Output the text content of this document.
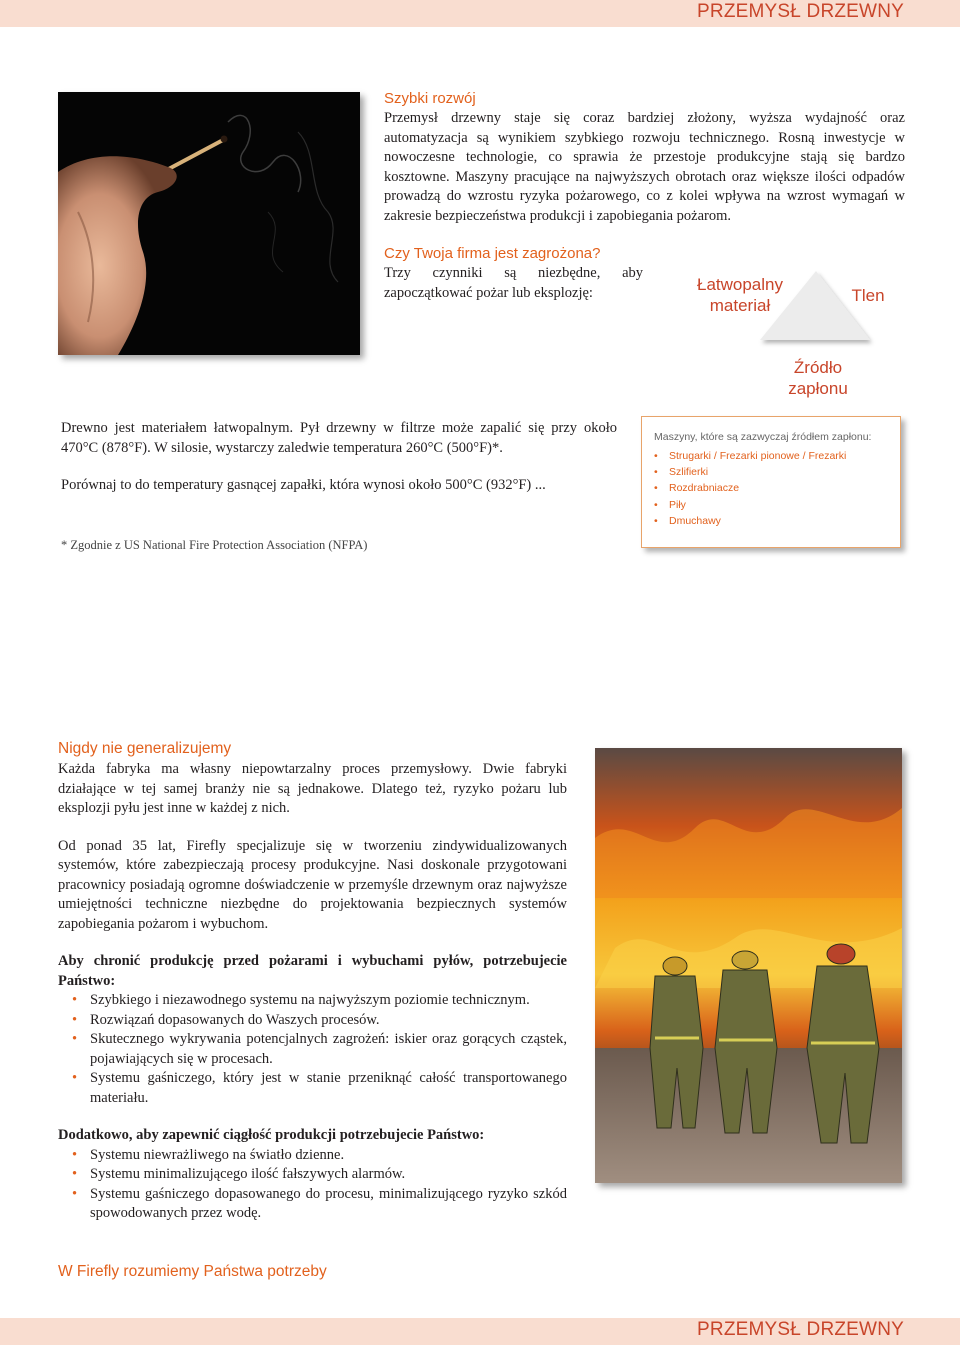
PRZEMYSŁ DRZEWNY
Szybki rozwój

Przemysł drzewny staje się coraz bardziej złożony, wyższa wydajność oraz automatyzacja są wynikiem szybkiego rozwoju technicznego. Rosną inwestycje w nowoczesne technologie, co sprawia że przestoje produkcyjne stają się bardzo kosztowne. Maszyny pracujące na najwyższych obrotach oraz większe ilości odpadów prowadzą do wzrostu ryzyka pożarowego, co z kolei wpływa na wzrost wymagań w zakresie bezpieczeństwa produkcji i zapobiegania pożarom.

Czy Twoja firma jest zagrożona?

Trzy czynniki są niezbędne, aby zapoczątkować pożar lub eksplozję:	Łatwopalny materiał
Tlen
Źródło zapłonu

Drewno jest materiałem łatwopalnym. Pył drzewny w filtrze może zapalić się przy około 470°C (878°F). W silosie, wystarczy zaledwie temperatura 260°C (500°F)*.

Porównaj to do temperatury gasnącej zapałki, która wynosi około 500°C (932°F) ...

* Zgodnie z US National Fire Protection Association (NFPA)
Maszyny, które są zazwyczaj źródłem zapłonu:
• Strugarki / Frezarki pionowe / Frezarki
• Szlifierki
• Rozdrabniacze
• Piły
• Dmuchawy
Nigdy nie generalizujemy

Każda fabryka ma własny niepowtarzalny proces przemysłowy. Dwie fabryki działające w tej samej branży nie są jednakowe. Dlatego też, ryzyko pożaru lub eksplozji pyłu jest inne w każdej z nich.

Od ponad 35 lat, Firefly specjalizuje się w tworzeniu zindywidualizowanych systemów, które zabezpieczają procesy produkcyjne. Nasi doskonale przygotowani pracownicy posiadają ogromne doświadczenie w przemyśle drzewnym oraz najwyższe umiejętności techniczne niezbędne do projektowania bezpiecznych systemów zapobiegania pożarom i wybuchom.

Aby chronić produkcję przed pożarami i wybuchami pyłów, potrzebujecie Państwo:

• Szybkiego i niezawodnego systemu na najwyższym poziomie technicznym.
• Rozwiązań dopasowanych do Waszych procesów.
• Skutecznego wykrywania potencjalnych zagrożeń: iskier oraz gorących cząstek, pojawiających się w procesach.
• Systemu gaśniczego, który jest w stanie przeniknąć całość transportowanego materiału.

Dodatkowo, aby zapewnić ciągłość produkcji potrzebujecie Państwo:

• Systemu niewrażliwego na światło dzienne.
• Systemu minimalizującego ilość fałszywych alarmów.
• Systemu gaśniczego dopasowanego do procesu, minimalizującego ryzyko szkód spowodowanych przez wodę.
W Firefly rozumiemy Państwa potrzeby
PRZEMYSŁ DRZEWNY
